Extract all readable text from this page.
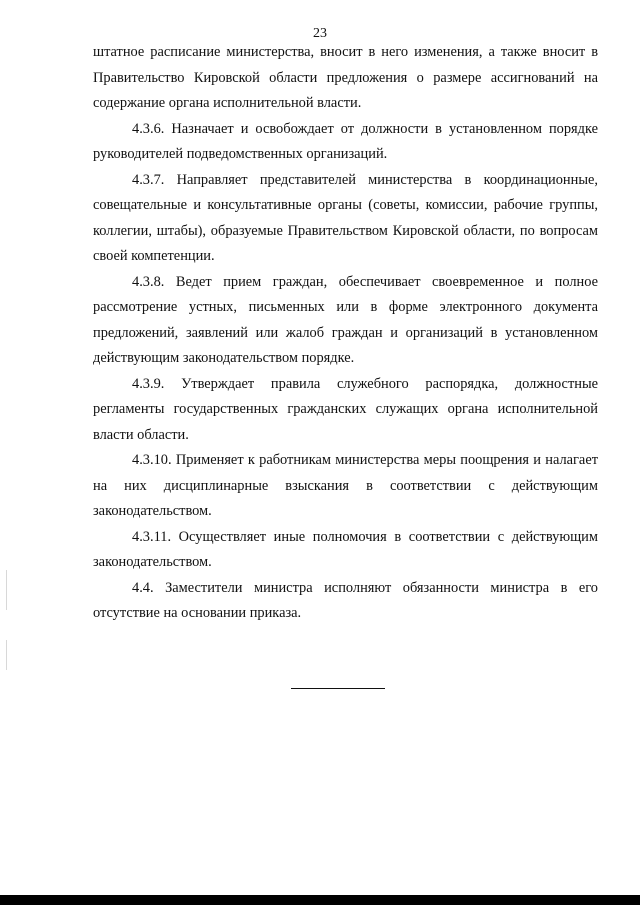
23

штатное расписание министерства, вносит в него изменения, а также вносит в Правительство Кировской области предложения о размере ассигнований на содержание органа исполнительной власти.

4.3.6. Назначает и освобождает от должности в установленном порядке руководителей подведомственных организаций.

4.3.7. Направляет представителей министерства в координационные, совещательные и консультативные органы (советы, комиссии, рабочие группы, коллегии, штабы), образуемые Правительством Кировской области, по вопросам своей компетенции.

4.3.8. Ведет прием граждан, обеспечивает своевременное и полное рассмотрение устных, письменных или в форме электронного документа предложений, заявлений или жалоб граждан и организаций в установленном действующим законодательством порядке.

4.3.9. Утверждает правила служебного распорядка, должностные регламенты государственных гражданских служащих органа исполнительной власти области.

4.3.10. Применяет к работникам министерства меры поощрения и налагает на них дисциплинарные взыскания в соответствии с действующим законодательством.

4.3.11. Осуществляет иные полномочия в соответствии с действующим законодательством.

4.4. Заместители министра исполняют обязанности министра в его отсутствие на основании приказа.
